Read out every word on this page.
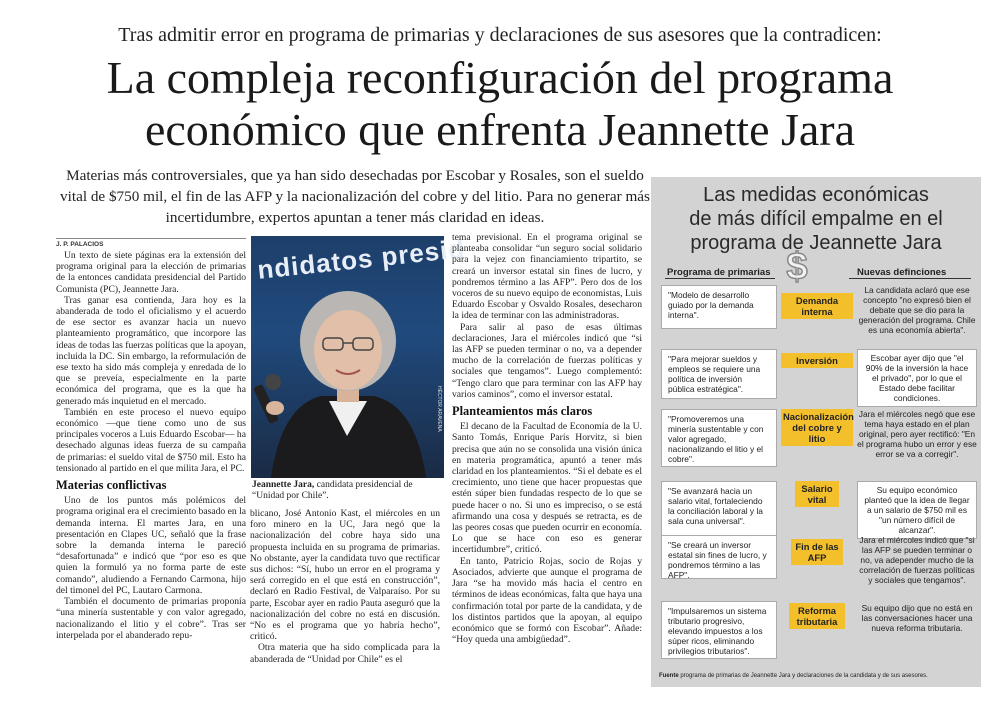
Tras admitir error en programa de primarias y declaraciones de sus asesores que la contradicen:
La compleja reconfiguración del programa
económico que enfrenta Jeannette Jara
Materias más controversiales, que ya han sido desechadas por Escobar y Rosales, son el sueldo vital de $750 mil, el fin de las AFP y la nacionalización del cobre y del litio. Para no generar más incertidumbre, expertos apuntan a tener más claridad en ideas.
J. P. PALACIOS

Un texto de siete páginas era la extensión del programa original para la elección de primarias de la entonces candidata presidencial del Partido Comunista (PC), Jeannette Jara.

Tras ganar esa contienda, Jara hoy es la abanderada de todo el oficialismo y el acuerdo de ese sector es avanzar hacia un nuevo planteamiento programático, que incorpore las ideas de todas las fuerzas políticas que la apoyan, incluida la DC. Sin embargo, la reformulación de ese texto ha sido más compleja y enredada de lo que se preveía, especialmente en la parte económica del programa, que es la que ha generado más inquietud en el mercado.

También en este proceso el nuevo equipo económico —que tiene como uno de sus principales voceros a Luis Eduardo Escobar— ha desechado algunas ideas fuerza de su campaña de primarias: el sueldo vital de $750 mil. Esto ha tensionado al partido en el que milita Jara, el PC.

Materias conflictivas

Uno de los puntos más polémicos del programa original era el crecimiento basado en la demanda interna. El martes Jara, en una presentación en Clapes UC, señaló que la frase sobre la demanda interna le pareció “desafortunada” e indicó que “por eso es que quien la formuló ya no forma parte de este comando”, aludiendo a Fernando Carmona, hijo del timonel del PC, Lautaro Carmona.

También el documento de primarias proponía “una minería sustentable y con valor agregado, nacionalizando el litio y el cobre”. Tras ser interpelada por el abanderado repu-

ndidatos presid
HÉCTOR ARAVENA
Jeannette Jara, candidata presidencial de “Unidad por Chile”.

blicano, José Antonio Kast, el miércoles en un foro minero en la UC, Jara negó que la nacionalización del cobre haya sido una propuesta incluida en su programa de primarias. No obstante, ayer la candidata tuvo que rectificar sus dichos: “Sí, hubo un error en el programa y será corregido en el que está en construcción”, declaró en Radio Festival, de Valparaíso. Por su parte, Escobar ayer en radio Pauta aseguró que la nacionalización del cobre no está en discusión. “No es el programa que yo habría hecho”, criticó.

Otra materia que ha sido complicada para la abanderada de “Unidad por Chile” es el

tema previsional. En el programa original se planteaba consolidar “un seguro social solidario para la vejez con financiamiento tripartito, se creará un inversor estatal sin fines de lucro, y pondremos término a las AFP”. Pero dos de los voceros de su nuevo equipo de economistas, Luis Eduardo Escobar y Osvaldo Rosales, desecharon la idea de terminar con las administradoras.

Para salir al paso de esas últimas declaraciones, Jara el miércoles indicó que “si las AFP se pueden terminar o no, va a depender mucho de la correlación de fuerzas políticas y sociales que tengamos”. Luego complementó: “Tengo claro que para terminar con las AFP hay varios caminos”, como el inversor estatal.

Planteamientos más claros

El decano de la Facultad de Economía de la U. Santo Tomás, Enrique París Horvitz, si bien precisa que aún no se consolida una visión única en materia programática, apuntó a tener más claridad en los planteamientos. “Si el debate es el crecimiento, uno tiene que hacer propuestas que estén súper bien fundadas respecto de lo que se puede hacer o no. Si uno es impreciso, o se está afirmando una cosa y después se retracta, es de las peores cosas que pueden ocurrir en economía. Lo que se hace con eso es generar incertidumbre”, criticó.

En tanto, Patricio Rojas, socio de Rojas y Asociados, advierte que aunque el programa de Jara “se ha movido más hacia el centro en términos de ideas económicas, falta que haya una confirmación total por parte de la candidata, y de los distintos partidos que la apoyan, al equipo económico que se formó con Escobar”. Añade: “Hoy queda una ambigüedad”.

Las medidas económicas
de más difícil empalme en el
programa de Jeannette Jara
$
Programa de primarias	Nuevas definciones
"Modelo de desarrollo guiado por la demanda interna".
Demanda interna
La candidata aclaró que ese concepto "no expresó bien el debate que se dio para la generación del programa. Chile es una economía abierta".
"Para mejorar sueldos y empleos se requiere una política de inversión pública estratégica".
Inversión	Escobar ayer dijo que "el 90% de la inversión la hace el privado", por lo que el Estado debe facilitar condiciones.
"Promoveremos una minería sustentable y con valor agregado, nacionalizando el litio y el cobre".
Nacionalización del cobre y litio
Jara el miércoles negó que ese tema haya estado en el plan original, pero ayer rectificó: "En el programa hubo un error y ese error se va a corregir".
"Se avanzará hacia un salario vital, fortaleciendo la conciliación laboral y la sala cuna universal".
Salario vital
Su equipo económico planteó que la idea de llegar a un salario de $750 mil es "un número difícil de alcanzar".
"Se creará un inversor estatal sin fines de lucro, y pondremos término a las AFP".
Fin de las AFP
Jara el miércoles indicó que "si las AFP se pueden terminar o no, va adepender mucho de la correlación de fuerzas políticas y sociales que tengamos".
"Impulsaremos un sistema tributario progresivo, elevando impuestos a los súper ricos, eliminando privilegios tributarios".
Reforma tributaria
Su equipo dijo que no está en las conversaciones hacer una nueva reforma tributaria.
Fuente programa de primarias de Jeannette Jara y declaraciones de la candidata y de sus asesores.
